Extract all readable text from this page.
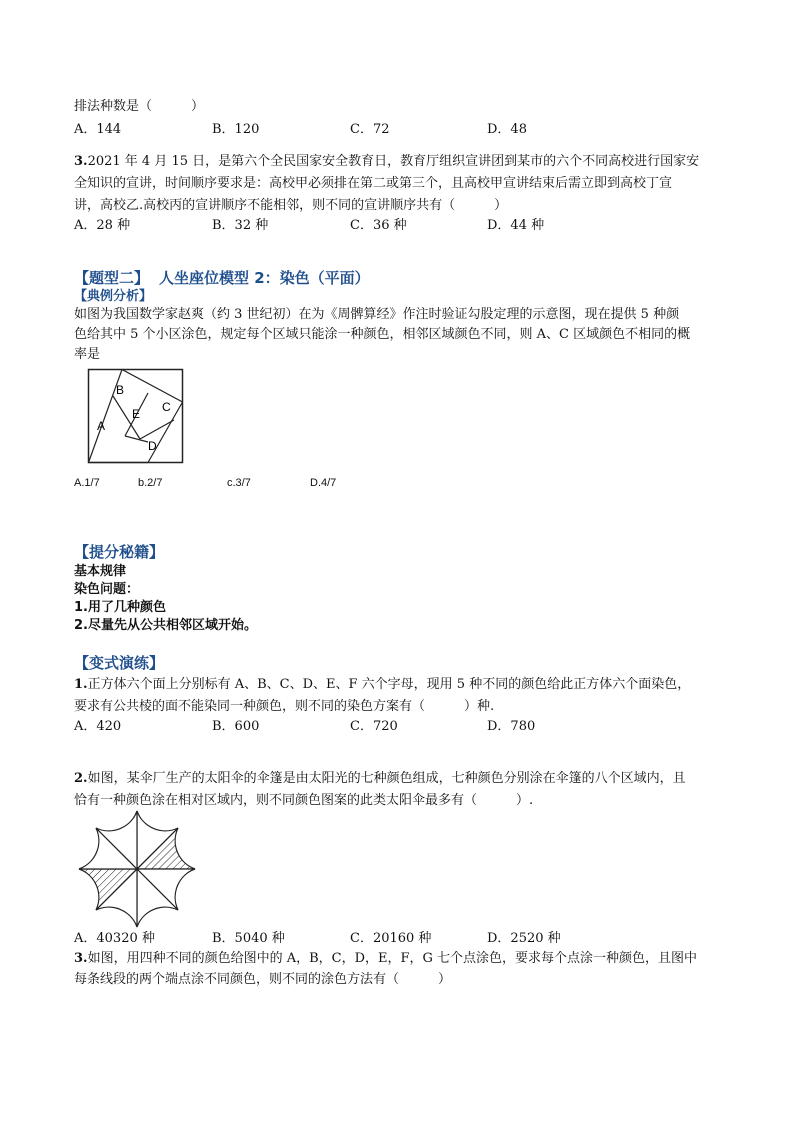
排法种数是（　　　）
A．144	B．120	C．72	D．48
3.2021 年 4 月 15 日，是第六个全民国家安全教育日，教育厅组织宣讲团到某市的六个不同高校进行国家安
全知识的宣讲，时间顺序要求是：高校甲必须排在第二或第三个，且高校甲宣讲结束后需立即到高校丁宣
讲，高校乙.高校丙的宣讲顺序不能相邻，则不同的宣讲顺序共有（　　　）
A．28 种	B．32 种	C．36 种	D．44 种
【题型二】 人坐座位模型 2：染色（平面）
【典例分析】
如图为我国数学家赵爽（约 3 世纪初）在为《周髀算经》作注时验证勾股定理的示意图，现在提供 5 种颜
色给其中 5 个小区涂色，规定每个区域只能涂一种颜色，相邻区域颜色不同，则 A、C 区域颜色不相同的概
率是
A
B
C
D
E
A.1/7	b.2/7	c.3/7	D.4/7
【提分秘籍】
基本规律
染色问题：
1.用了几种颜色
2.尽量先从公共相邻区域开始。
【变式演练】
1.正方体六个面上分别标有 A、B、C、D、E、F 六个字母，现用 5 种不同的颜色给此正方体六个面染色，
要求有公共棱的面不能染同一种颜色，则不同的染色方案有（　　　）种.
A．420	B．600	C．720	D．780
2.如图，某伞厂生产的太阳伞的伞篷是由太阳光的七种颜色组成，七种颜色分别涂在伞篷的八个区域内，且
恰有一种颜色涂在相对区域内，则不同颜色图案的此类太阳伞最多有（　　　）.
A．40320 种	B．5040 种	C．20160 种	D．2520 种
3.如图，用四种不同的颜色给图中的 A，B，C，D，E，F，G 七个点涂色，要求每个点涂一种颜色，且图中
每条线段的两个端点涂不同颜色，则不同的涂色方法有（　　　）
